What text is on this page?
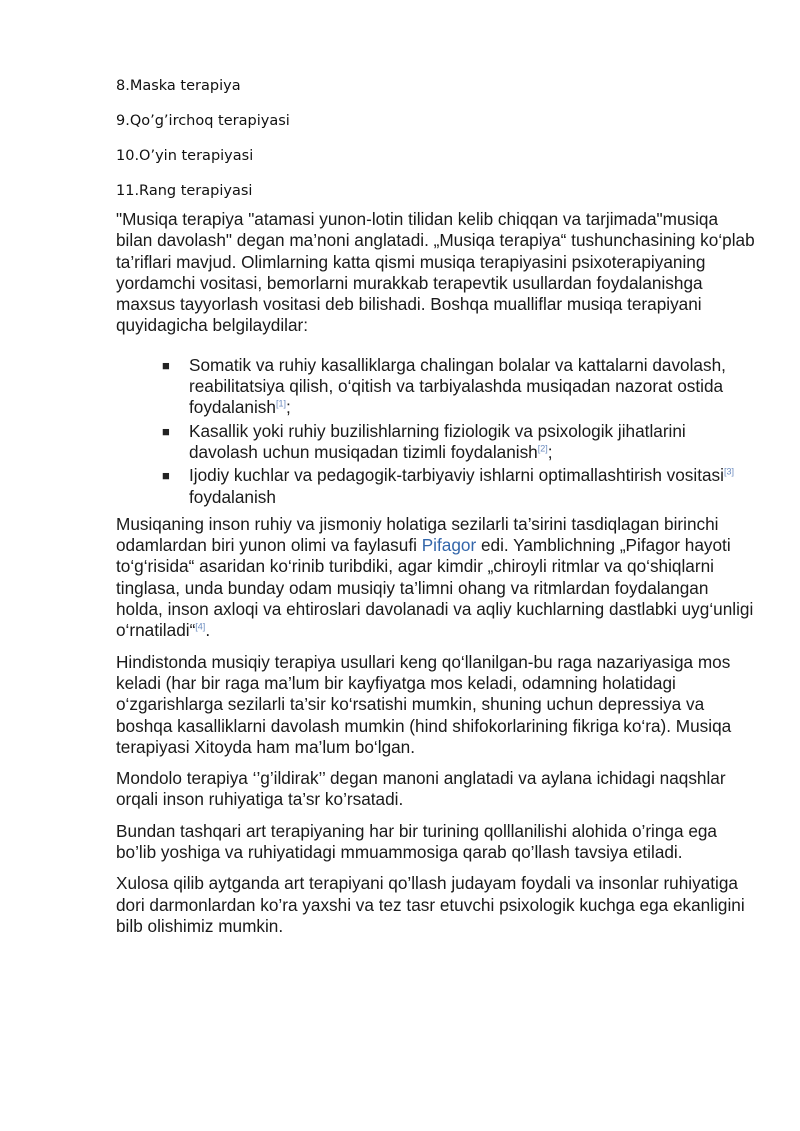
8.Maska terapiya

9.Qo’g’irchoq terapiyasi

10.O’yin terapiyasi

11.Rang terapiyasi

"Musiqa terapiya "atamasi yunon-lotin tilidan kelib chiqqan va tarjimada"musiqa bilan davolash" degan ma’noni anglatadi. „Musiqa terapiya“ tushunchasining ko‘plab ta’riflari mavjud. Olimlarning katta qismi musiqa terapiyasini psixoterapiyaning yordamchi vositasi, bemorlarni murakkab terapevtik usullardan foydalanishga maxsus tayyorlash vositasi deb bilishadi. Boshqa mualliflar musiqa terapiyani quyidagicha belgilaydilar:

■ Somatik va ruhiy kasalliklarga chalingan bolalar va kattalarni davolash, reabilitatsiya qilish, o‘qitish va tarbiyalashda musiqadan nazorat ostida foydalanish[1];
■ Kasallik yoki ruhiy buzilishlarning fiziologik va psixologik jihatlarini davolash uchun musiqadan tizimli foydalanish[2];
■ Ijodiy kuchlar va pedagogik-tarbiyaviy ishlarni optimallashtirish vositasi[3] foydalanish

Musiqaning inson ruhiy va jismoniy holatiga sezilarli ta’sirini tasdiqlagan birinchi odamlardan biri yunon olimi va faylasufi Pifagor edi. Yamblichning „Pifagor hayoti to‘g‘risida“ asaridan ko‘rinib turibdiki, agar kimdir „chiroyli ritmlar va qo‘shiqlarni tinglasa, unda bunday odam musiqiy ta’limni ohang va ritmlardan foydalangan holda, inson axloqi va ehtiroslari davolanadi va aqliy kuchlarning dastlabki uyg‘unligi o‘rnatiladi“[4].

Hindistonda musiqiy terapiya usullari keng qo‘llanilgan-bu raga nazariyasiga mos keladi (har bir raga ma’lum bir kayfiyatga mos keladi, odamning holatidagi o‘zgarishlarga sezilarli ta’sir ko‘rsatishi mumkin, shuning uchun depressiya va boshqa kasalliklarni davolash mumkin (hind shifokorlarining fikriga ko‘ra). Musiqa terapiyasi Xitoyda ham ma’lum bo‘lgan.

Mondolo terapiya ‘’g’ildirak’’ degan manoni anglatadi va aylana ichidagi naqshlar orqali inson ruhiyatiga ta’sr ko’rsatadi.

Bundan tashqari art terapiyaning har bir turining qolllanilishi alohida o’ringa ega bo’lib yoshiga va ruhiyatidagi mmuammosiga qarab qo’llash tavsiya etiladi.

Xulosa qilib aytganda art terapiyani qo’llash judayam foydali va insonlar ruhiyatiga dori darmonlardan ko’ra yaxshi va tez tasr etuvchi psixologik kuchga ega ekanligini bilb olishimiz mumkin.
